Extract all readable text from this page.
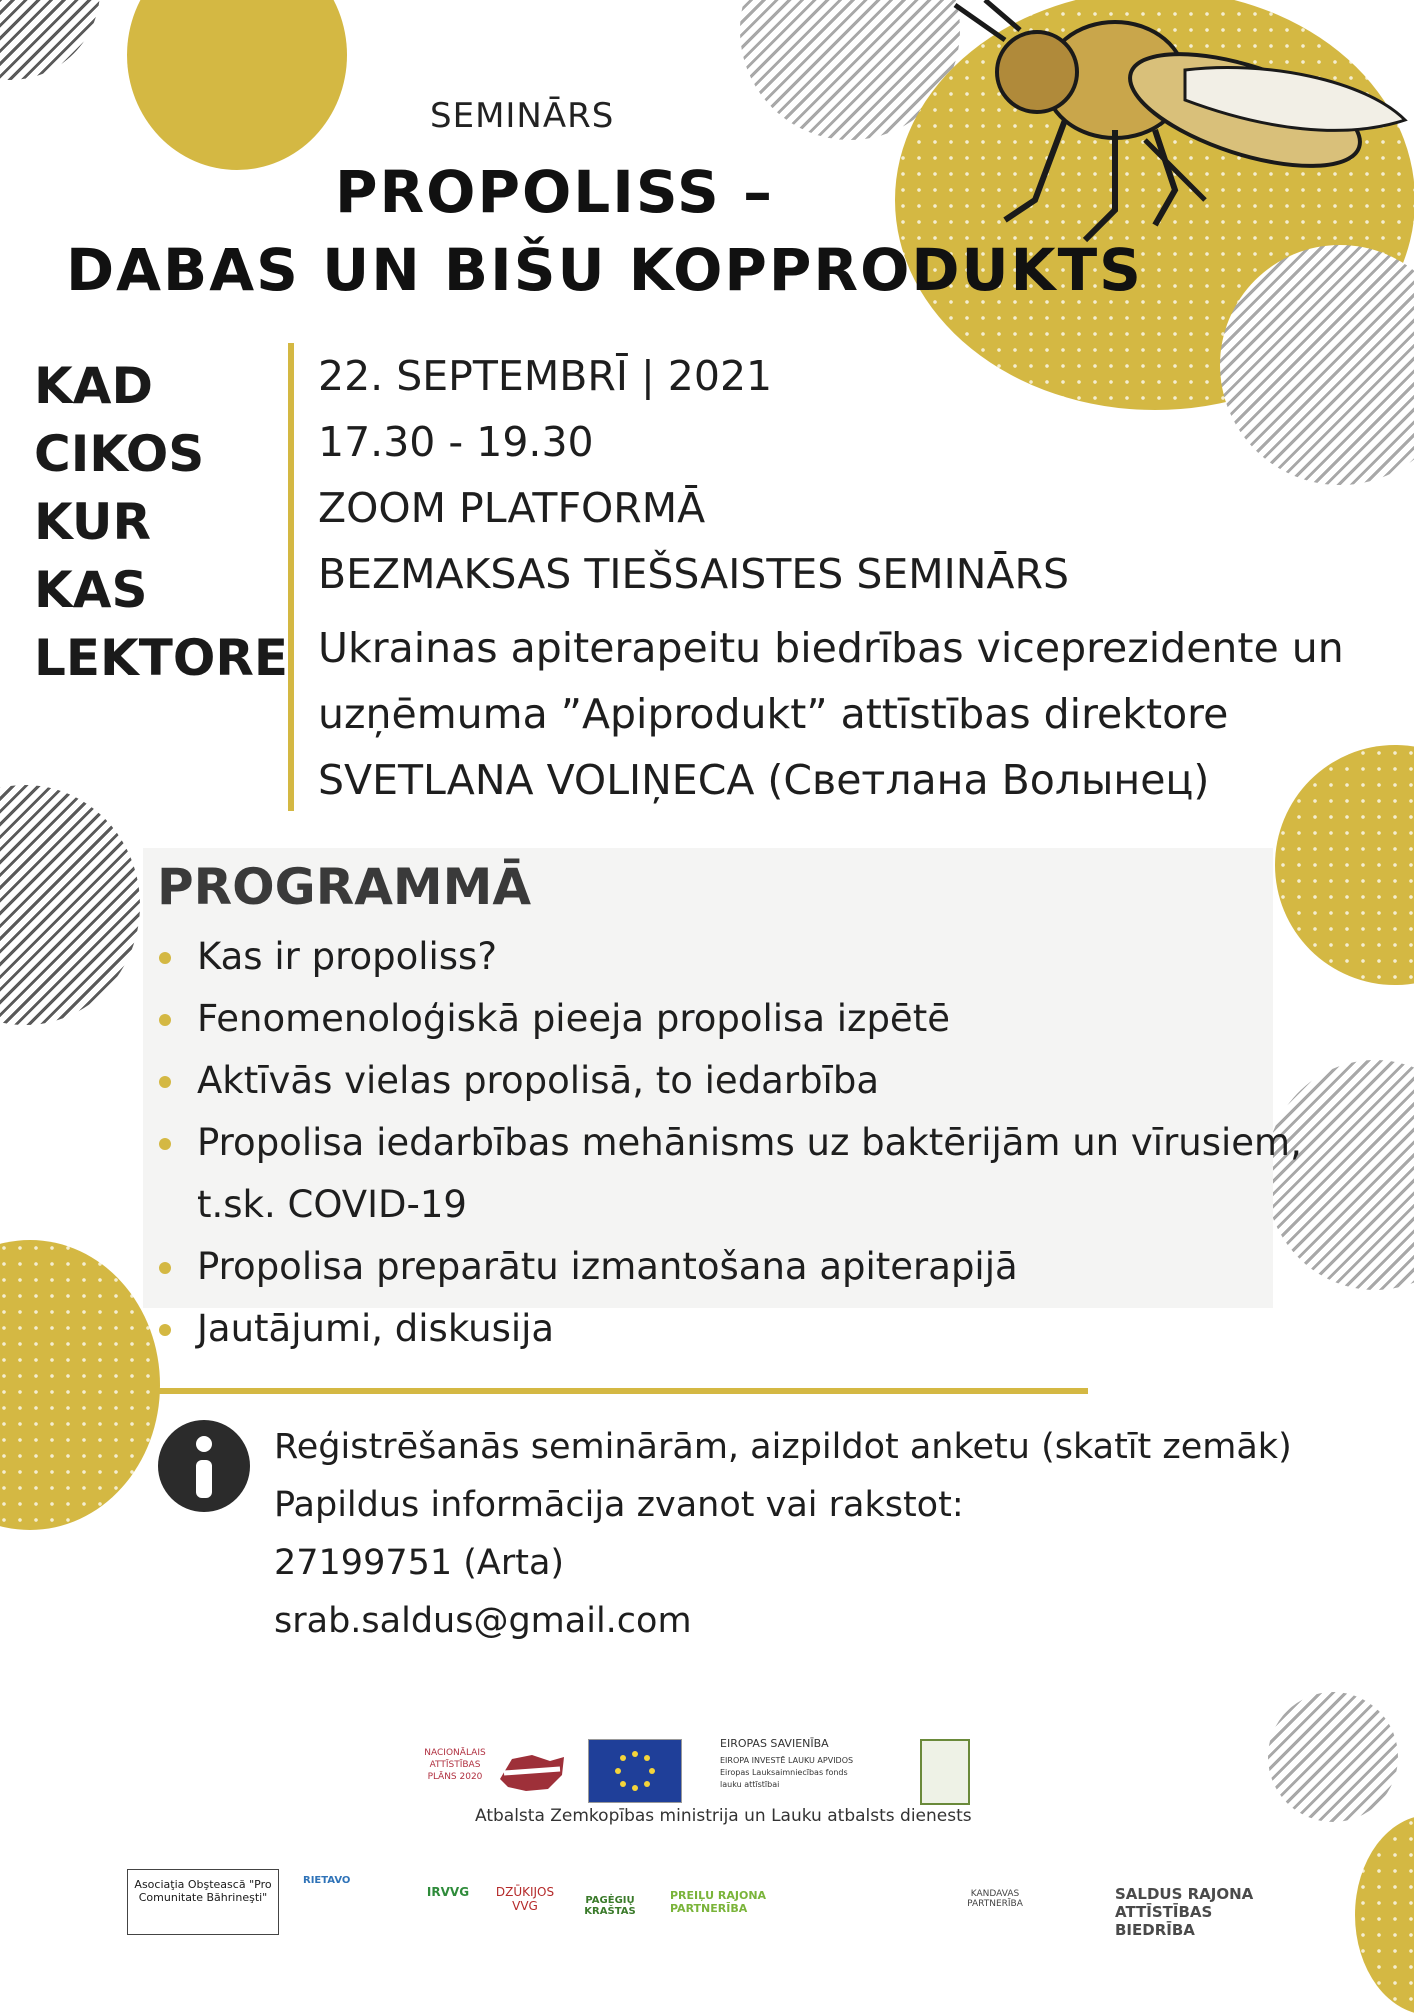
SEMINĀRS
PROPOLISS –
DABAS UN BIŠU KOPPRODUKTS
KAD
CIKOS
KUR
KAS
LEKTORE
22. SEPTEMBRĪ | 2021
17.30 - 19.30
ZOOM PLATFORMĀ
BEZMAKSAS TIEŠSAISTES SEMINĀRS
Ukrainas apiterapeitu biedrības viceprezidente un uzņēmuma ”Apiprodukt” attīstības direktore SVETLANA VOLIŅECA (Светлана Волынец)
PROGRAMMĀ
Kas ir propoliss?
Fenomenoloģiskā pieeja propolisa izpētē
Aktīvās vielas propolisā, to iedarbība
Propolisa iedarbības mehānisms uz baktērijām un vīrusiem, t.sk. COVID-19
Propolisa preparātu izmantošana apiterapijā
Jautājumi, diskusija
Reģistrēšanās seminārām, aizpildot anketu (skatīt zemāk)
Papildus informācija zvanot vai rakstot:
27199751 (Arta)
srab.saldus@gmail.com
NACIONĀLAIS ATTĪSTĪBAS PLĀNS 2020
EIROPAS SAVIENĪBA
EIROPA INVESTĒ LAUKU APVIDOS
Eiropas Lauksaimniecības fonds lauku attīstībai
Atbalsta Zemkopības ministrija un Lauku atbalsts dienests
Asociaţia Obştească "Pro Comunitate Băhrineşti"
RIETAVO
IRVVG	DZŪKIJOS VVG	PAGĖGIŲ KRAŠTAS
PREIĻU RAJONA PARTNERĪBA
KANDAVAS PARTNERĪBA
SALDUS RAJONA ATTĪSTĪBAS BIEDRĪBA
